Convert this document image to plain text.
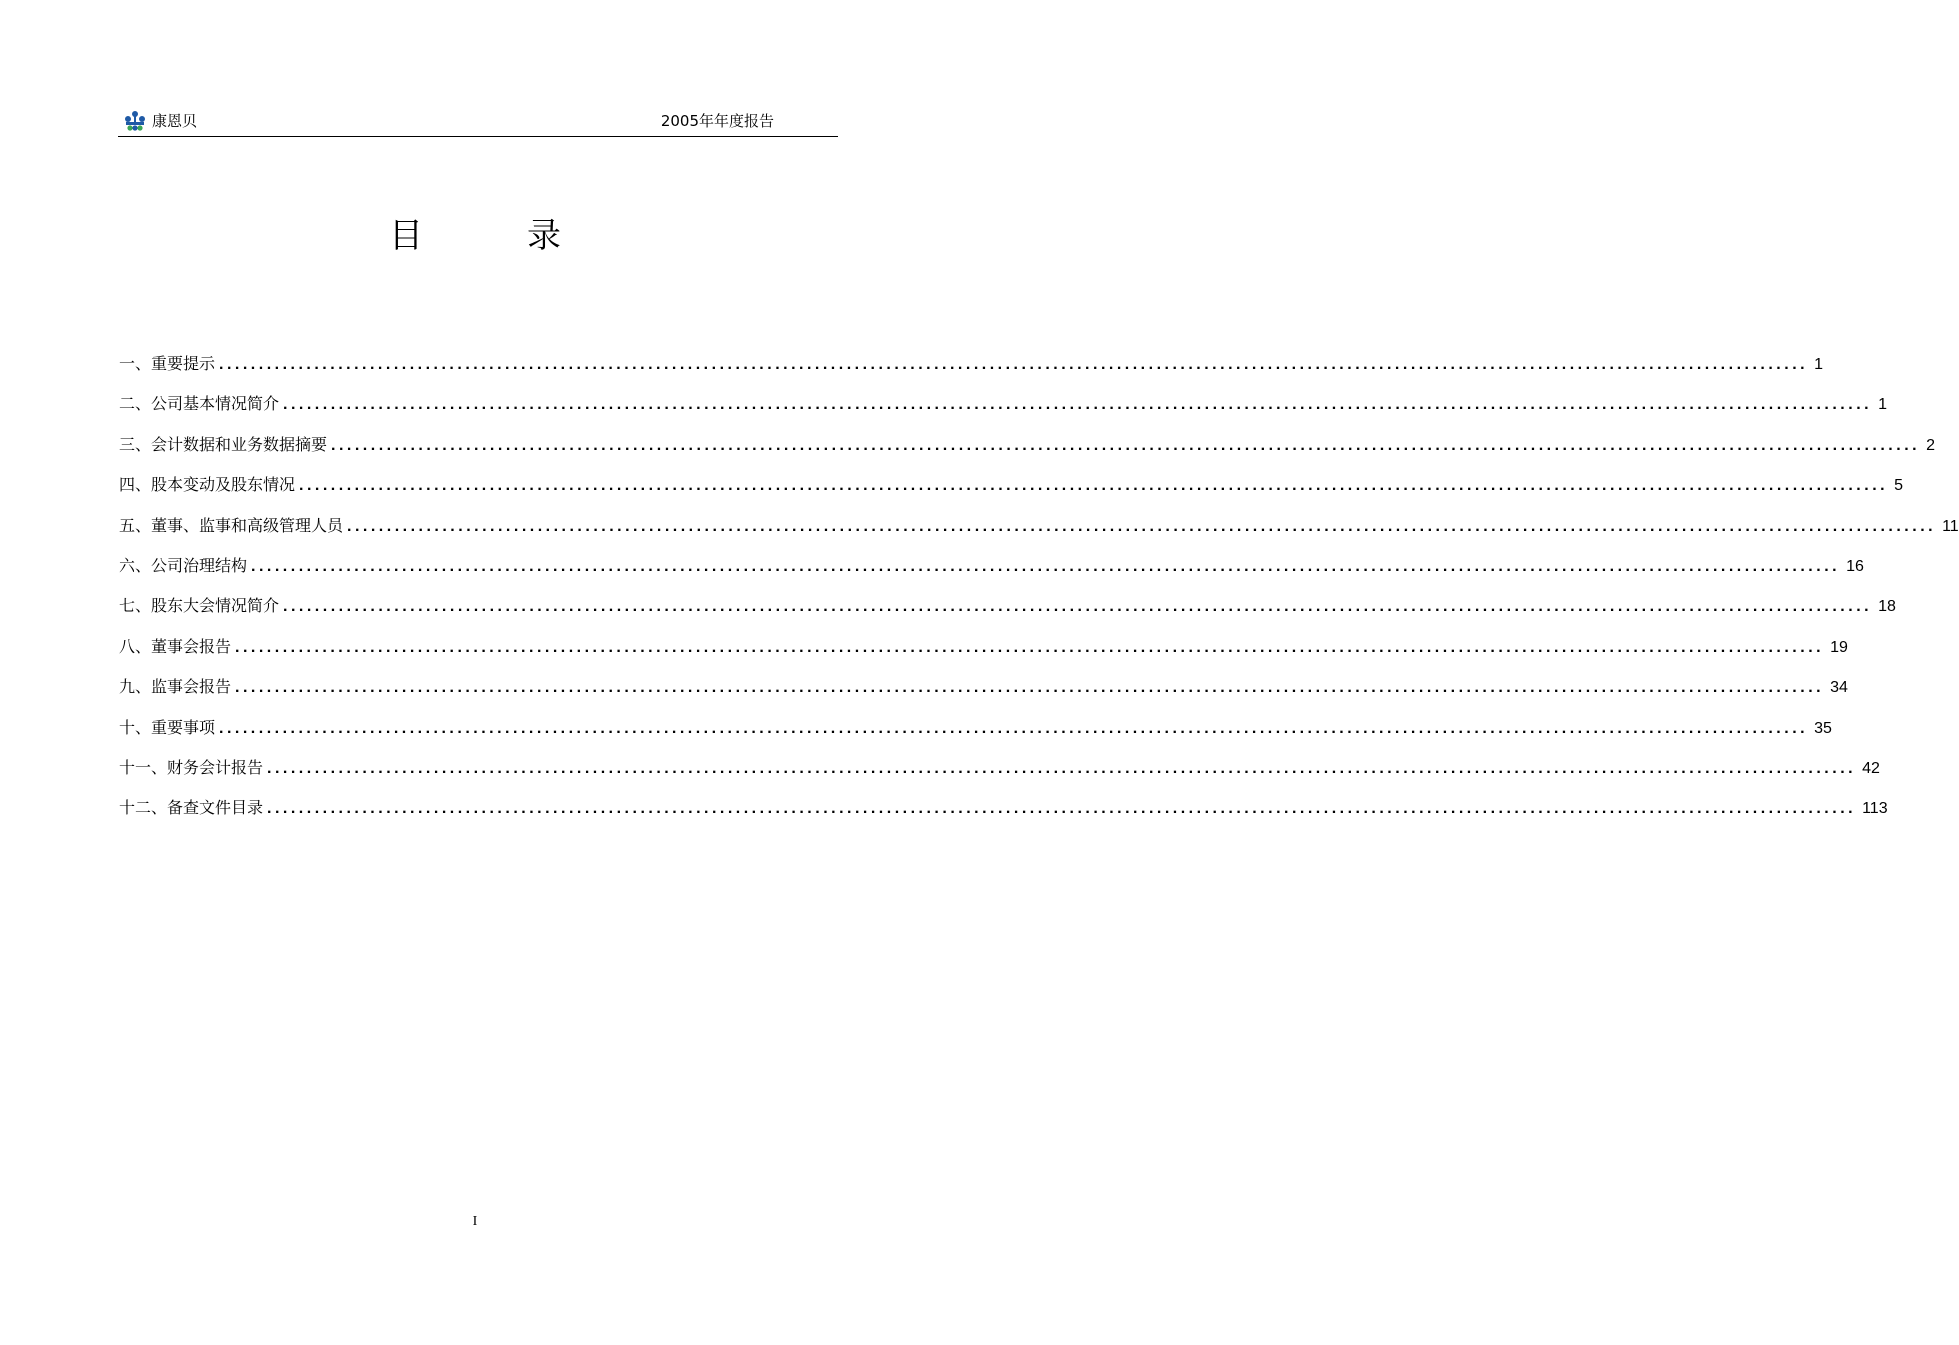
康恩贝	2005年年度报告
目	录
一、重要提示 ........................................................................................................................................................................................................ 1
二、公司基本情况简介 ........................................................................................................................................................................................................ 1
三、会计数据和业务数据摘要 ........................................................................................................................................................................................................ 2
四、股本变动及股东情况 ........................................................................................................................................................................................................ 5
五、董事、监事和高级管理人员 ........................................................................................................................................................................................................ 11
六、公司治理结构 ........................................................................................................................................................................................................ 16
七、股东大会情况简介 ........................................................................................................................................................................................................ 18
八、董事会报告 ........................................................................................................................................................................................................ 19
九、监事会报告 ........................................................................................................................................................................................................ 34
十、重要事项 ........................................................................................................................................................................................................ 35
十一、财务会计报告 ........................................................................................................................................................................................................ 42
十二、备查文件目录 ........................................................................................................................................................................................................ 113
I
